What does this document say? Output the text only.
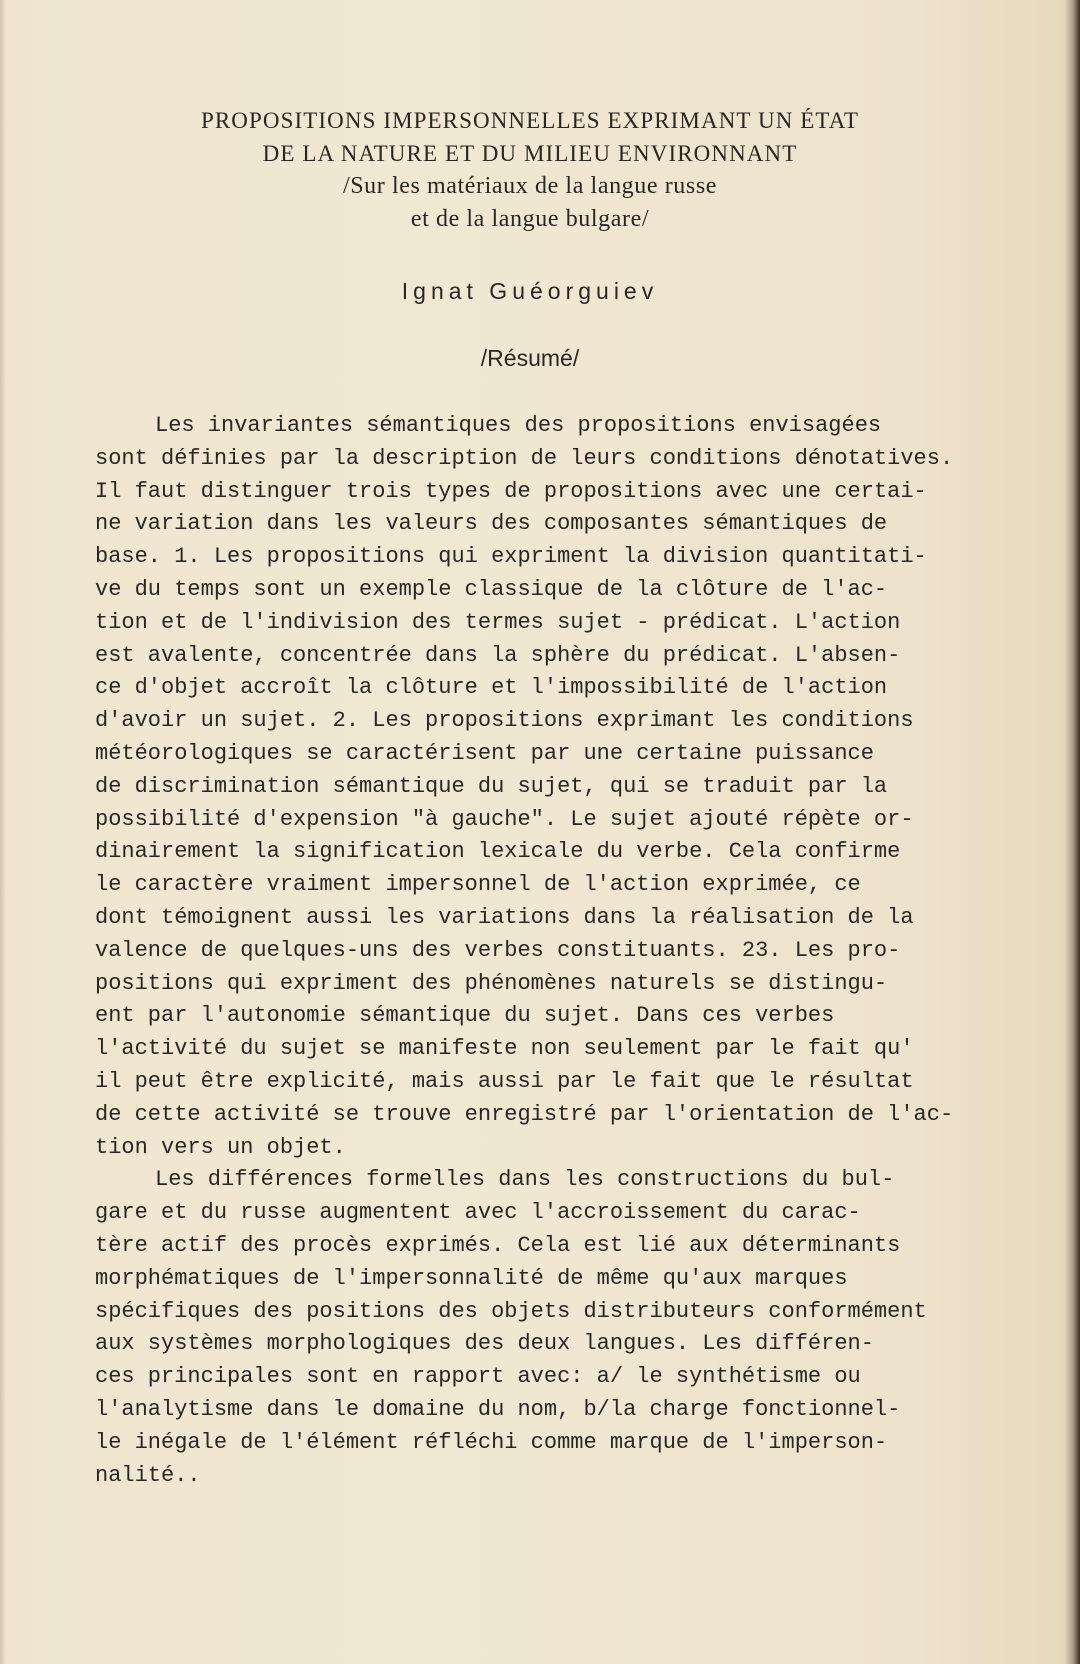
PROPOSITIONS IMPERSONNELLES EXPRIMANT UN ÉTAT
DE LA NATURE ET DU MILIEU ENVIRONNANT
/Sur les matériaux de la langue russe
et de la langue bulgare/
Ignat Guéorguiev
/Résumé/
Les invariantes sémantiques des propositions envisagées
sont définies par la description de leurs conditions dénotatives.
Il faut distinguer trois types de propositions avec une certai-
ne variation dans les valeurs des composantes sémantiques de
base. 1. Les propositions qui expriment la division quantitati-
ve du temps sont un exemple classique de la clôture de l'ac-
tion et de l'indivision des termes sujet - prédicat. L'action
est avalente, concentrée dans la sphère du prédicat. L'absen-
ce d'objet accroît la clôture et l'impossibilité de l'action
d'avoir un sujet. 2. Les propositions exprimant les conditions
météorologiques se caractérisent par une certaine puissance
de discrimination sémantique du sujet, qui se traduit par la
possibilité d'expension "à gauche". Le sujet ajouté répète or-
dinairement la signification lexicale du verbe. Cela confirme
le caractère vraiment impersonnel de l'action exprimée, ce
dont témoignent aussi les variations dans la réalisation de la
valence de quelques-uns des verbes constituants. 23. Les pro-
positions qui expriment des phénomènes naturels se distingu-
ent par l'autonomie sémantique du sujet. Dans ces verbes
l'activité du sujet se manifeste non seulement par le fait qu'
il peut être explicité, mais aussi par le fait que le résultat
de cette activité se trouve enregistré par l'orientation de l'ac-
tion vers un objet.
Les différences formelles dans les constructions du bul-
gare et du russe augmentent avec l'accroissement du carac-
tère actif des procès exprimés. Cela est lié aux déterminants
morphématiques de l'impersonnalité de même qu'aux marques
spécifiques des positions des objets distributeurs conformément
aux systèmes morphologiques des deux langues. Les différen-
ces principales sont en rapport avec: a/ le synthétisme ou
l'analytisme dans le domaine du nom, b/la charge fonctionnel-
le inégale de l'élément réfléchi comme marque de l'imperson-
nalité..
